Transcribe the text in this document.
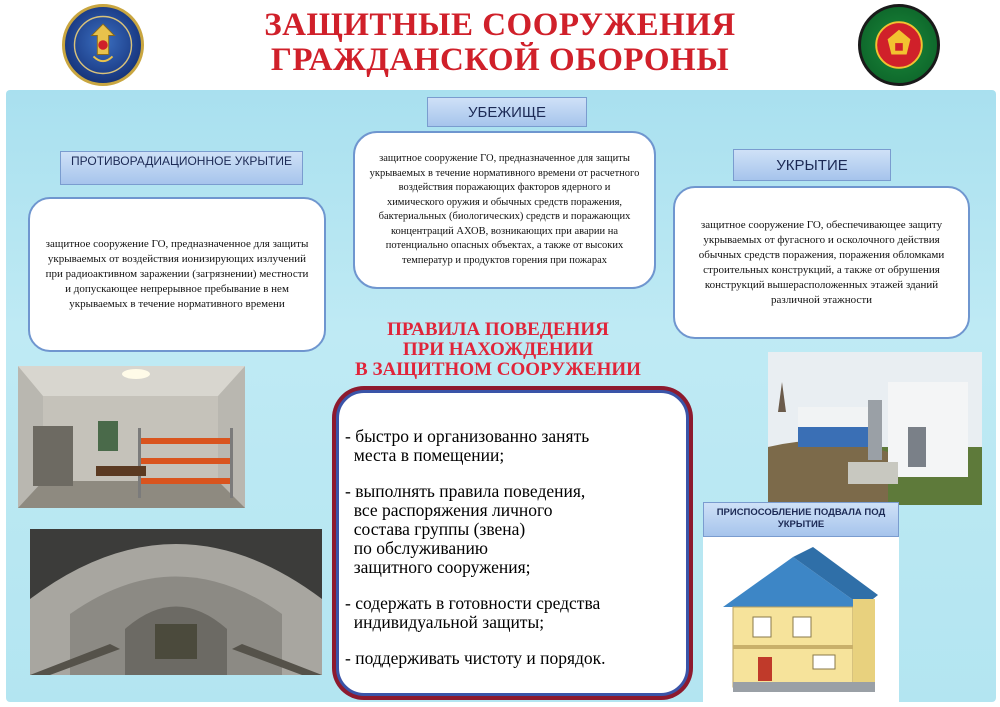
ЗАЩИТНЫЕ СООРУЖЕНИЯ
ГРАЖДАНСКОЙ ОБОРОНЫ
УБЕЖИЩЕ
защитное сооружение ГО, предназначенное для защиты укрываемых в течение нормативного времени от расчетного воздействия поражающих факторов ядерного и химического оружия и обычных средств поражения, бактериальных (биологических) средств и поражающих концентраций АХОВ, возникающих при аварии на потенциально опасных объектах, а также от высоких температур и продуктов горения при пожарах
ПРОТИВОРАДИАЦИОННОЕ УКРЫТИЕ
защитное сооружение ГО, предназначенное для защиты укрываемых от воздействия ионизирующих излучений при радиоактивном заражении (загрязнении) местности и допускающее непрерывное пребывание в нем укрываемых в течение нормативного времени
УКРЫТИЕ
защитное сооружение ГО, обеспечивающее защиту укрываемых от фугасного и осколочного действия обычных средств поражения, поражения обломками строительных конструкций, а также от обрушения конструкций вышерасположенных этажей зданий различной этажности
ПРАВИЛА ПОВЕДЕНИЯ
ПРИ НАХОЖДЕНИИ
В ЗАЩИТНОМ СООРУЖЕНИИ
- быстро и организованно занять
места в помещении;
- выполнять правила поведения,
все распоряжения личного
состава группы (звена)
по обслуживанию
защитного сооружения;
- содержать в готовности средства
индивидуальной защиты;
- поддерживать чистоту и порядок.
ПРИСПОСОБЛЕНИЕ ПОДВАЛА ПОД УКРЫТИЕ
